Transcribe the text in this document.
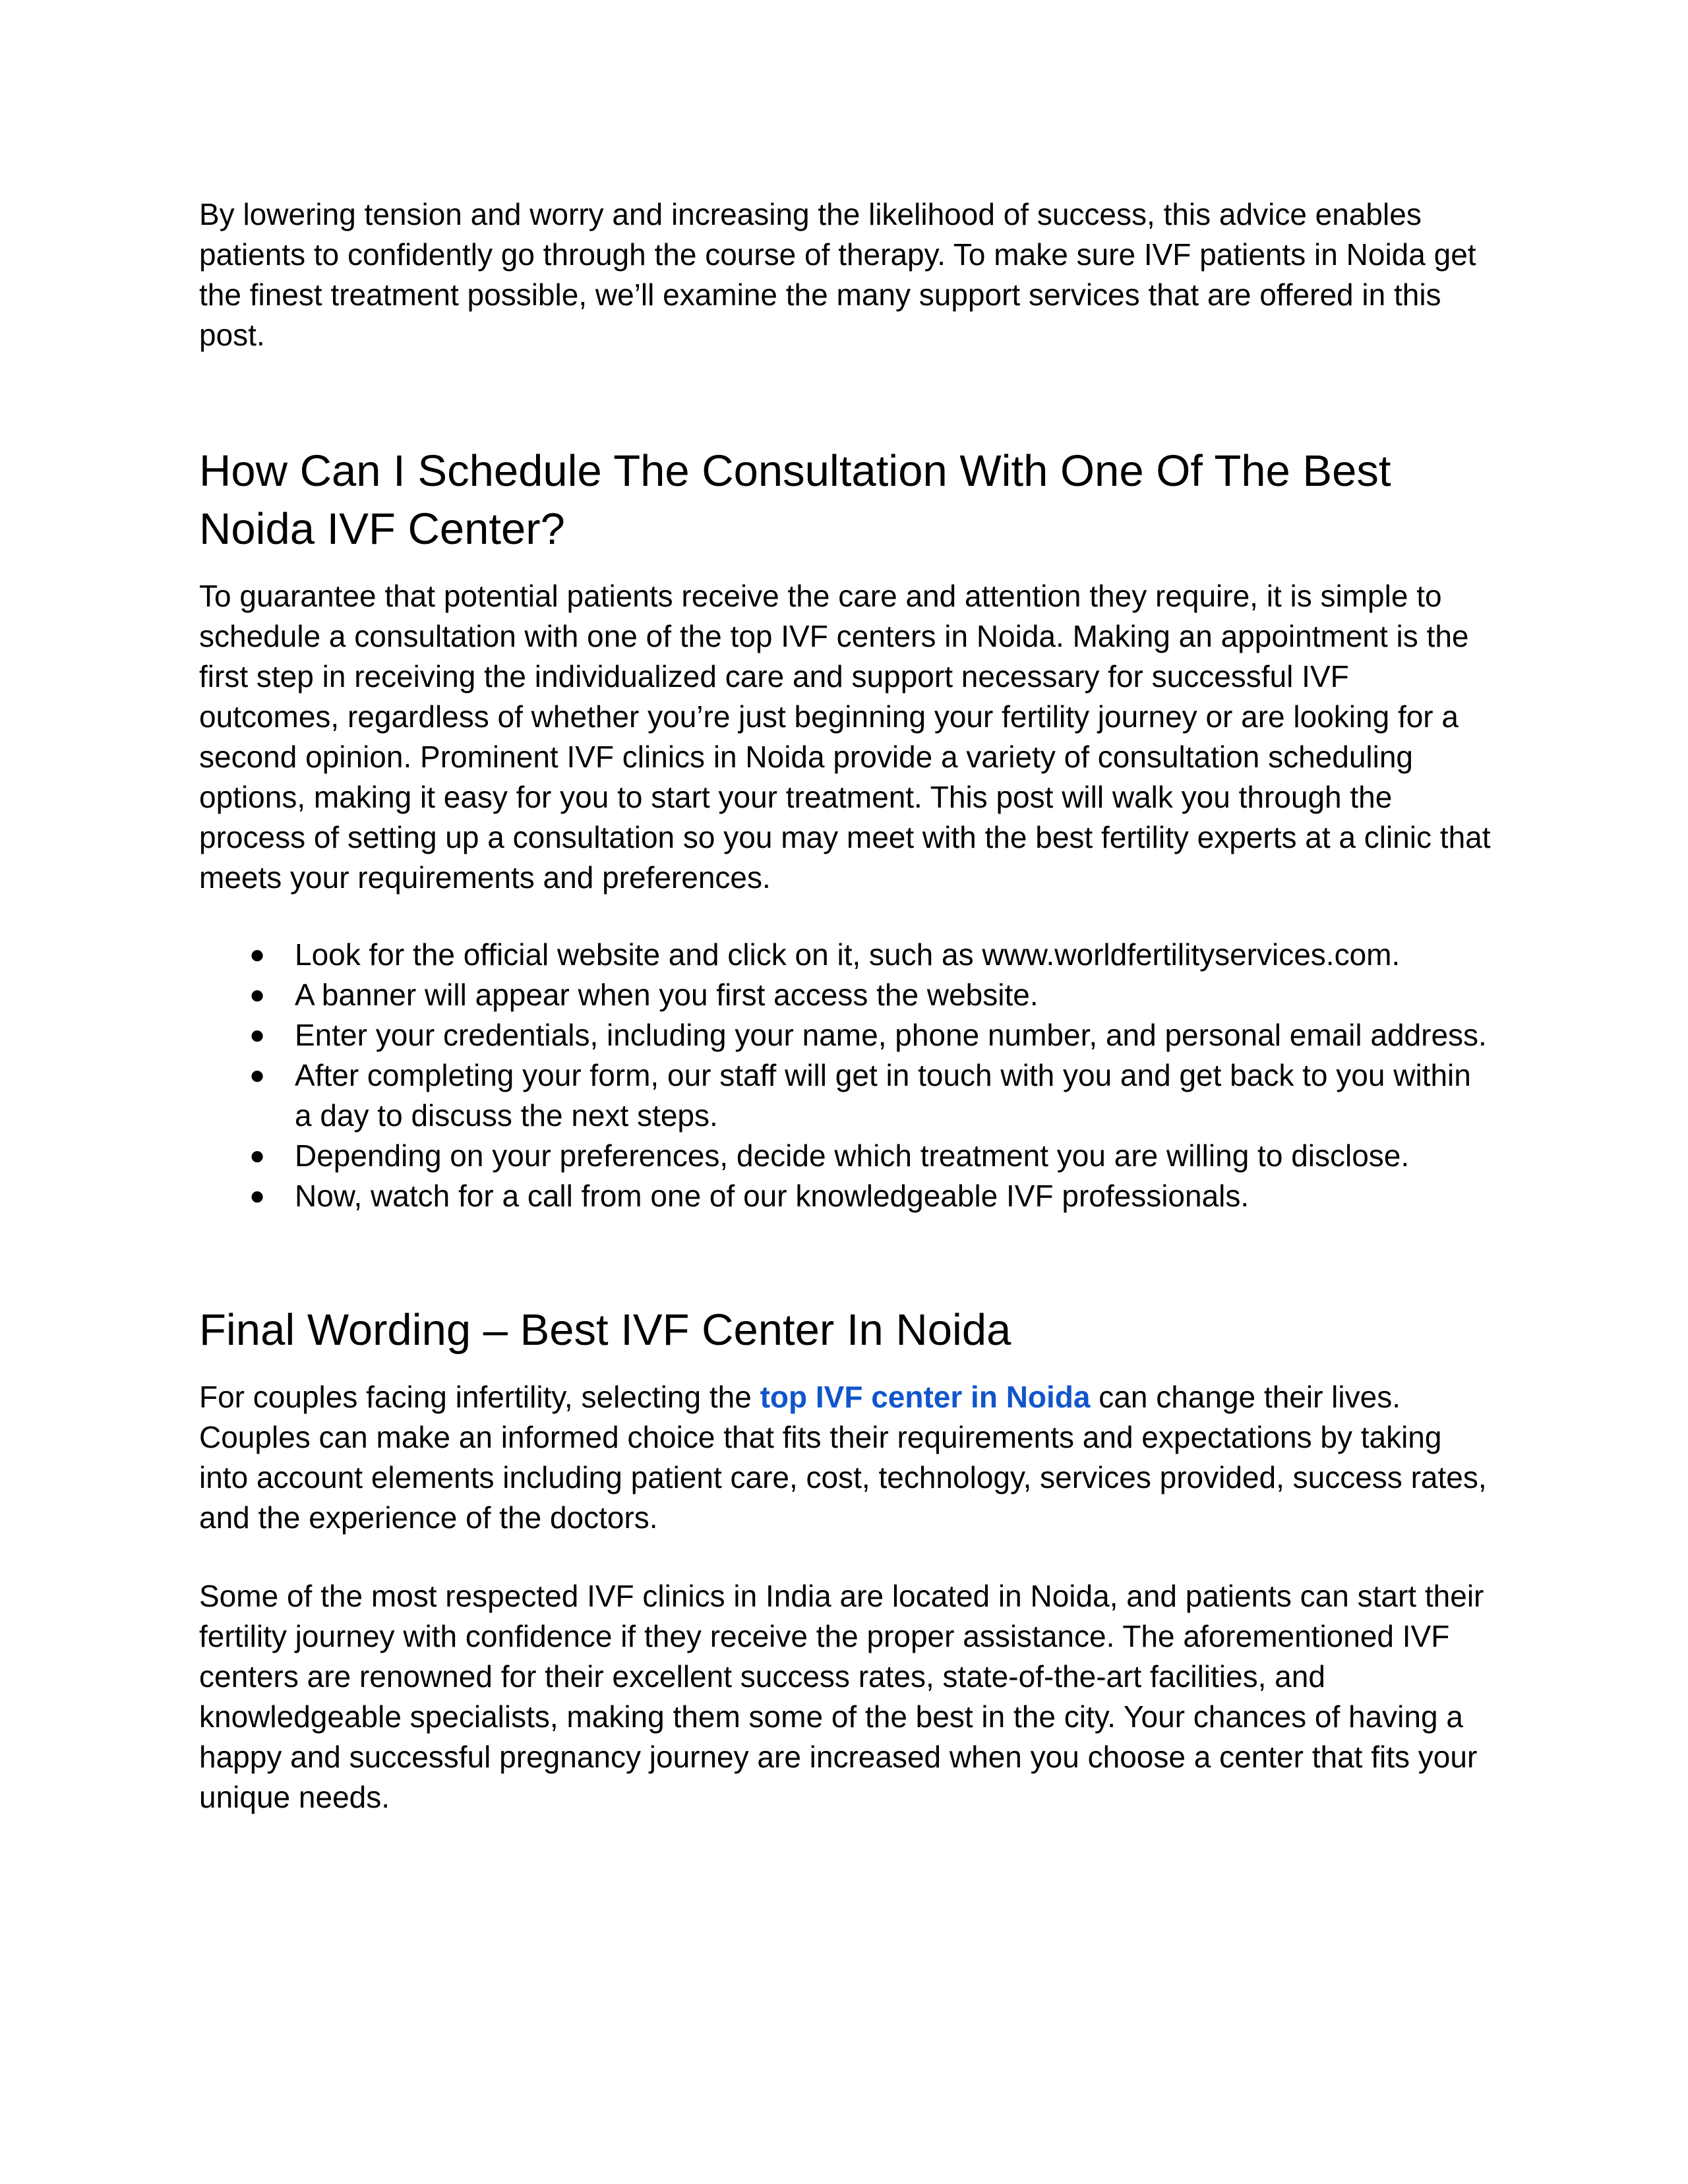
By lowering tension and worry and increasing the likelihood of success, this advice enables patients to confidently go through the course of therapy. To make sure IVF patients in Noida get the finest treatment possible, we’ll examine the many support services that are offered in this post.

How Can I Schedule The Consultation With One Of The Best Noida IVF Center?

To guarantee that potential patients receive the care and attention they require, it is simple to schedule a consultation with one of the top IVF centers in Noida. Making an appointment is the first step in receiving the individualized care and support necessary for successful IVF outcomes, regardless of whether you’re just beginning your fertility journey or are looking for a second opinion. Prominent IVF clinics in Noida provide a variety of consultation scheduling options, making it easy for you to start your treatment. This post will walk you through the process of setting up a consultation so you may meet with the best fertility experts at a clinic that meets your requirements and preferences.

● Look for the official website and click on it, such as www.worldfertilityservices.com.
● A banner will appear when you first access the website.
● Enter your credentials, including your name, phone number, and personal email address.
● After completing your form, our staff will get in touch with you and get back to you within a day to discuss the next steps.
● Depending on your preferences, decide which treatment you are willing to disclose.
● Now, watch for a call from one of our knowledgeable IVF professionals.
Final Wording – Best IVF Center In Noida

For couples facing infertility, selecting the top IVF center in Noida can change their lives. Couples can make an informed choice that fits their requirements and expectations by taking into account elements including patient care, cost, technology, services provided, success rates, and the experience of the doctors.

Some of the most respected IVF clinics in India are located in Noida, and patients can start their fertility journey with confidence if they receive the proper assistance. The aforementioned IVF centers are renowned for their excellent success rates, state-of-the-art facilities, and knowledgeable specialists, making them some of the best in the city. Your chances of having a happy and successful pregnancy journey are increased when you choose a center that fits your unique needs.
